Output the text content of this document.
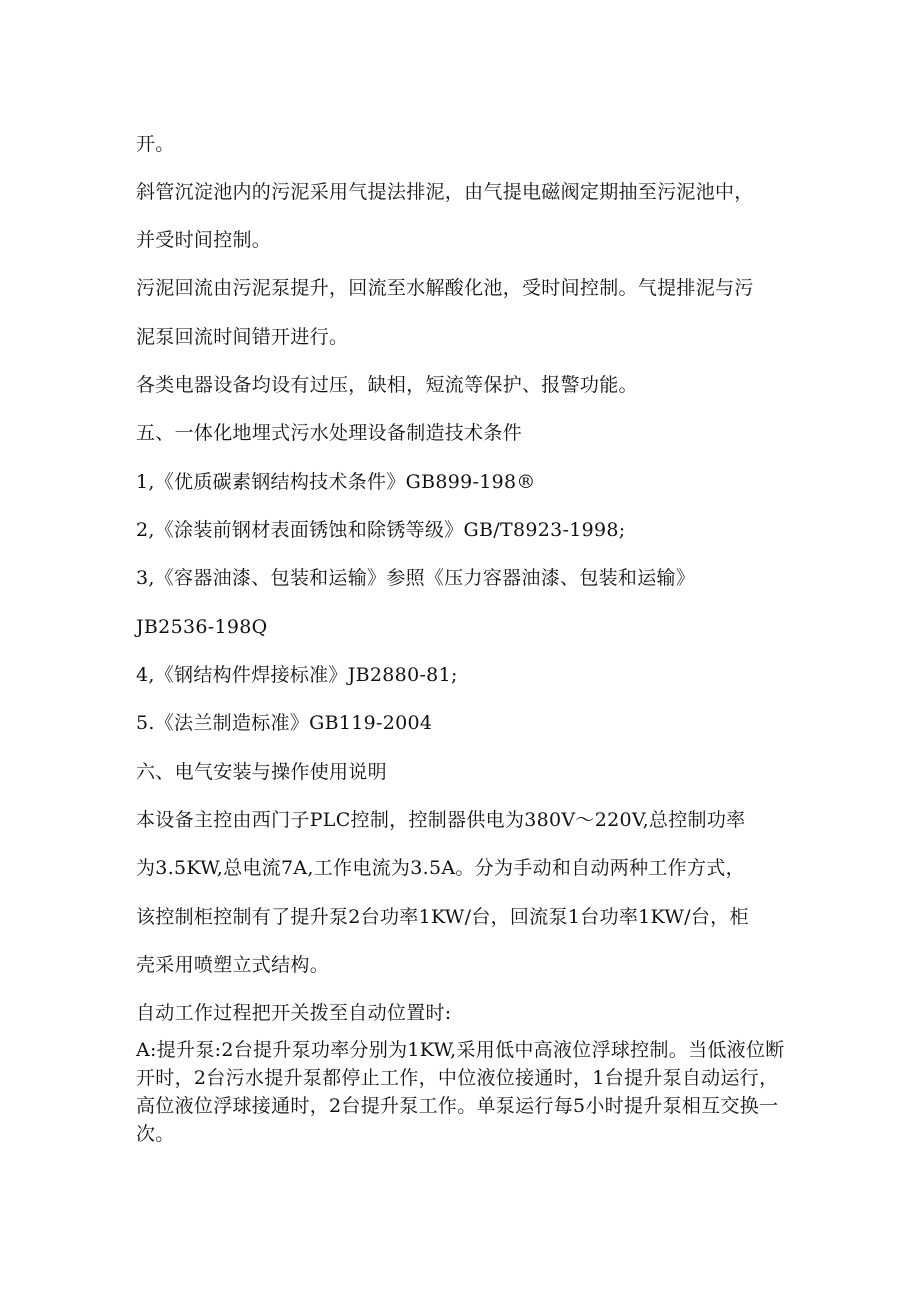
开。

斜管沉淀池内的污泥采用气提法排泥，由气提电磁阀定期抽至污泥池中，

并受时间控制。

污泥回流由污泥泵提升，回流至水解酸化池，受时间控制。气提排泥与污

泥泵回流时间错开进行。

各类电器设备均设有过压，缺相，短流等保护、报警功能。

五、一体化地埋式污水处理设备制造技术条件

1,《优质碳素钢结构技术条件》GB899-198®

2,《涂装前钢材表面锈蚀和除锈等级》GB/T8923-1998;

3,《容器油漆、包装和运输》参照《压力容器油漆、包装和运输》

JB2536-198Q

4,《钢结构件焊接标准》JB2880-81;

5.《法兰制造标准》GB119-2004

六、电气安装与操作使用说明

本设备主控由西门子PLC控制，控制器供电为380V〜220V,总控制功率

为3.5KW,总电流7A,工作电流为3.5A。分为手动和自动两种工作方式，

该控制柜控制有了提升泵2台功率1KW/台，回流泵1台功率1KW/台，柜

壳采用喷塑立式结构。

自动工作过程把开关拨至自动位置时:

A:提升泵:2台提升泵功率分别为1KW,采用低中高液位浮球控制。当低液位断开时，2台污水提升泵都停止工作，中位液位接通时，1台提升泵自动运行，高位液位浮球接通时，2台提升泵工作。单泵运行每5小时提升泵相互交换一次。
